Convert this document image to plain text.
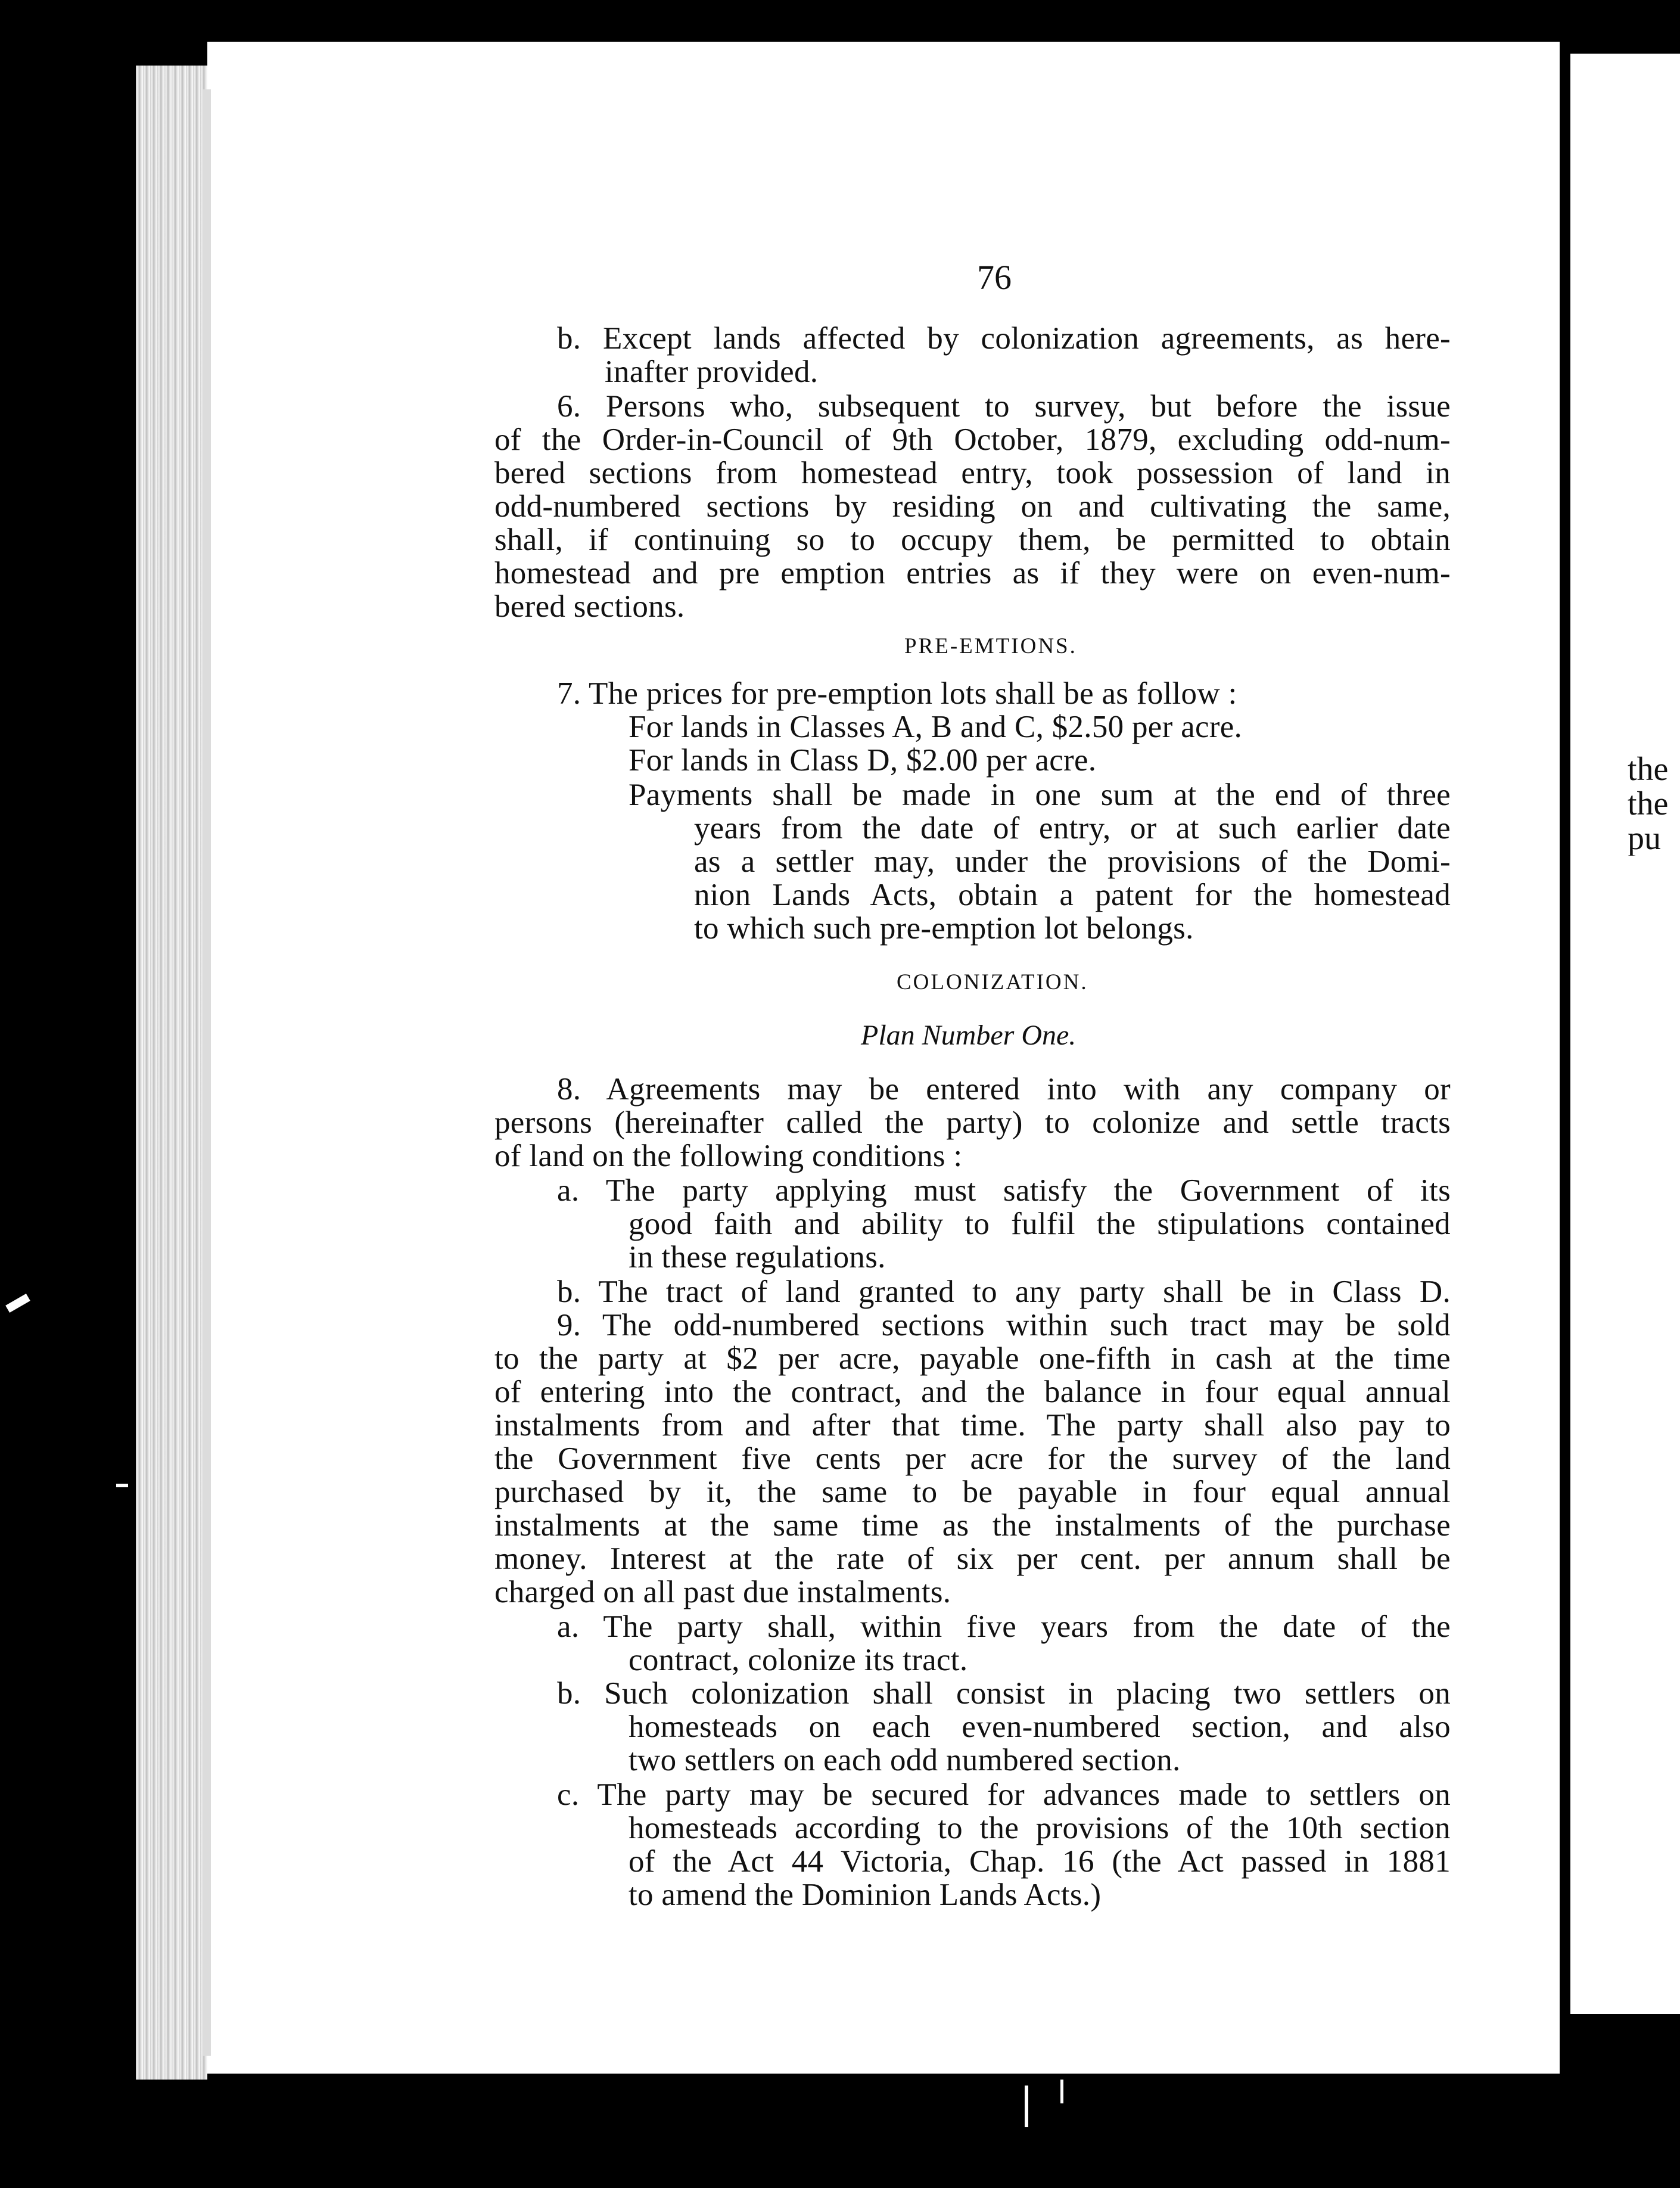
the
the
pu
76
b. Except lands affected by colonization agreements, as here-
inafter provided.
6. Persons who, subsequent to survey, but before the issue
of the Order-in-Council of 9th October, 1879, excluding odd-num-
bered sections from homestead entry, took possession of land in
odd-numbered sections by residing on and cultivating the same,
shall, if continuing so to occupy them, be permitted to obtain
homestead and pre emption entries as if they were on even-num-
bered sections.
PRE-EMTIONS.
7. The prices for pre-emption lots shall be as follow :
For lands in Classes A, B and C, $2.50 per acre.
For lands in Class D, $2.00 per acre.
Payments shall be made in one sum at the end of three
years from the date of entry, or at such earlier date
as a settler may, under the provisions of the Domi-
nion Lands Acts, obtain a patent for the homestead
to which such pre-emption lot belongs.
COLONIZATION.
Plan Number One.
8. Agreements may be entered into with any company or
persons (hereinafter called the party) to colonize and settle tracts
of land on the following conditions :
a. The party applying must satisfy the Government of its
good faith and ability to fulfil the stipulations contained
in these regulations.
b. The tract of land granted to any party shall be in Class D.
9. The odd-numbered sections within such tract may be sold
to the party at $2 per acre, payable one-fifth in cash at the time
of entering into the contract, and the balance in four equal annual
instalments from and after that time. The party shall also pay to
the Government five cents per acre for the survey of the land
purchased by it, the same to be payable in four equal annual
instalments at the same time as the instalments of the purchase
money. Interest at the rate of six per cent. per annum shall be
charged on all past due instalments.
a. The party shall, within five years from the date of the
contract, colonize its tract.
b. Such colonization shall consist in placing two settlers on
homesteads on each even-numbered section, and also
two settlers on each odd numbered section.
c. The party may be secured for advances made to settlers on
homesteads according to the provisions of the 10th section
of the Act 44 Victoria, Chap. 16 (the Act passed in 1881
to amend the Dominion Lands Acts.)
